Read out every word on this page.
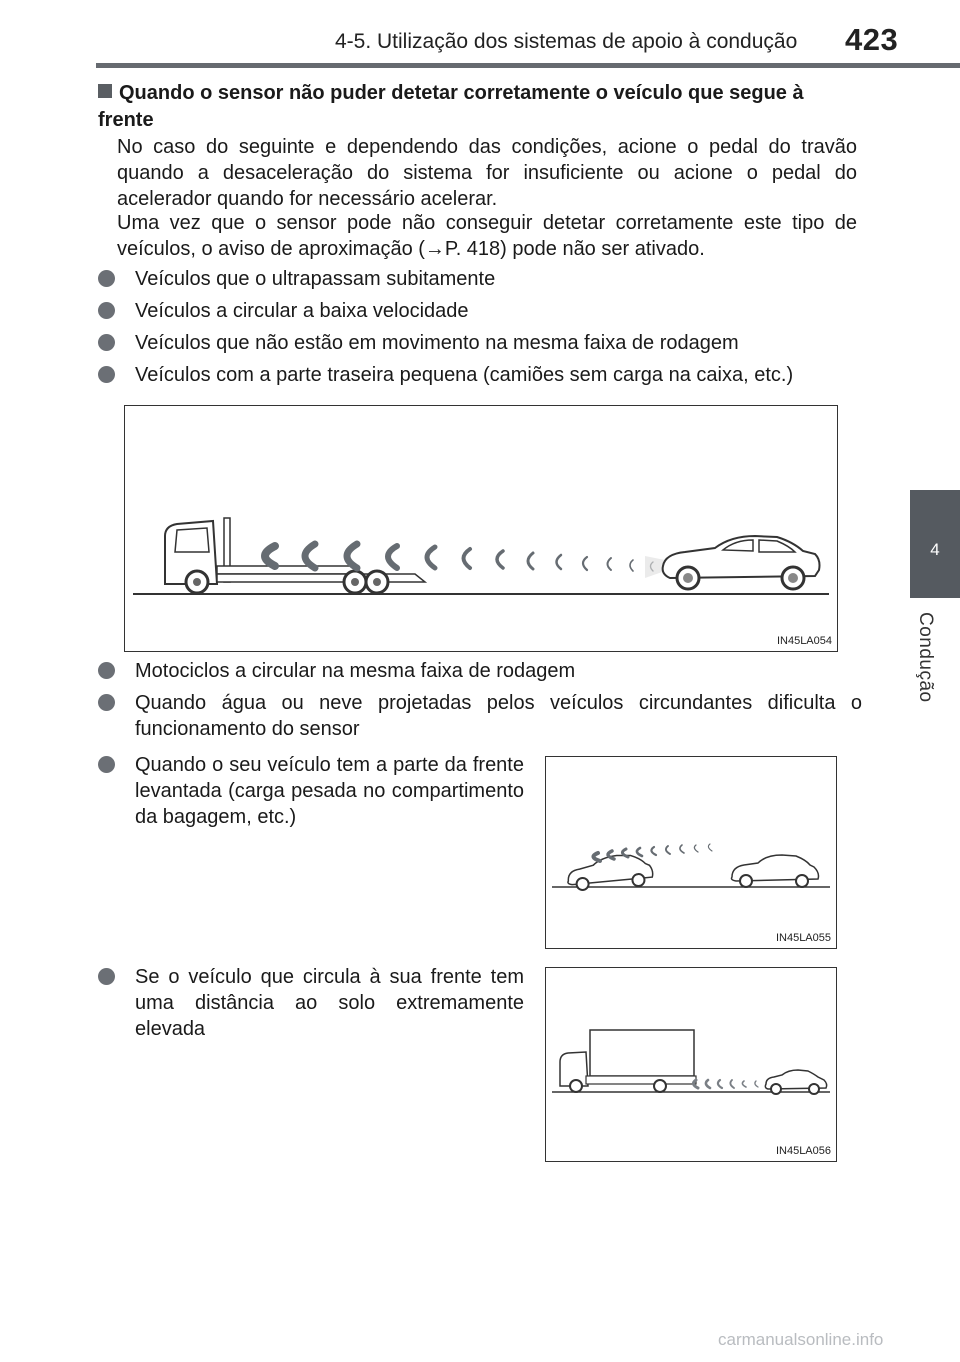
4-5. Utilização dos sistemas de apoio à condução 423
4
Condução
Quando o sensor não puder detetar corretamente o veículo que segue à frente
No caso do seguinte e dependendo das condições, acione o pedal do travão quando a desaceleração do sistema for insuficiente ou acione o pedal do acelerador quando for necessário acelerar.
Uma vez que o sensor pode não conseguir detetar corretamente este tipo de veículos, o aviso de aproximação (→P. 418) pode não ser ativado.
Veículos que o ultrapassam subitamente
Veículos a circular a baixa velocidade
Veículos que não estão em movimento na mesma faixa de rodagem
Veículos com a parte traseira pequena (camiões sem carga na caixa, etc.)
IN45LA054
Motociclos a circular na mesma faixa de rodagem
Quando água ou neve projetadas pelos veículos circundantes dificulta o funcionamento do sensor
Quando o seu veículo tem a parte da frente levantada (carga pesada no compartimento da bagagem, etc.)
IN45LA055
Se o veículo que circula à sua frente tem uma distância ao solo extremamente elevada
IN45LA056
carmanualsonline.info
